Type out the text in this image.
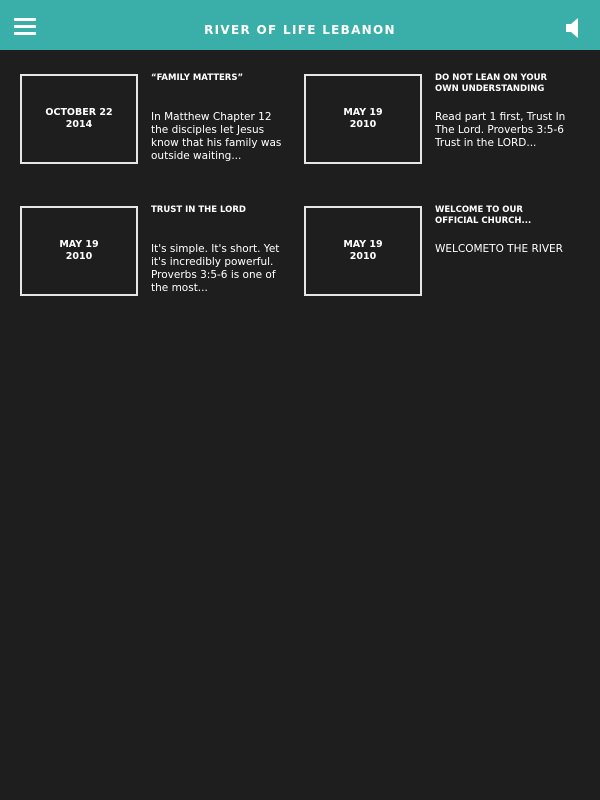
RIVER OF LIFE LEBANON
OCTOBER 22
2014
“FAMILY MATTERS”
In Matthew Chapter 12 the disciples let Jesus know that his family was outside waiting...
MAY 19
2010
DO NOT LEAN ON YOUR OWN UNDERSTANDING
Read part 1 first, Trust In The Lord. Proverbs 3:5-6 Trust in the LORD...
MAY 19
2010
TRUST IN THE LORD
It's simple. It's short. Yet it's incredibly powerful. Proverbs 3:5-6 is one of the most...
MAY 19
2010
WELCOME TO OUR OFFICIAL CHURCH...
WELCOMETO THE RIVER
